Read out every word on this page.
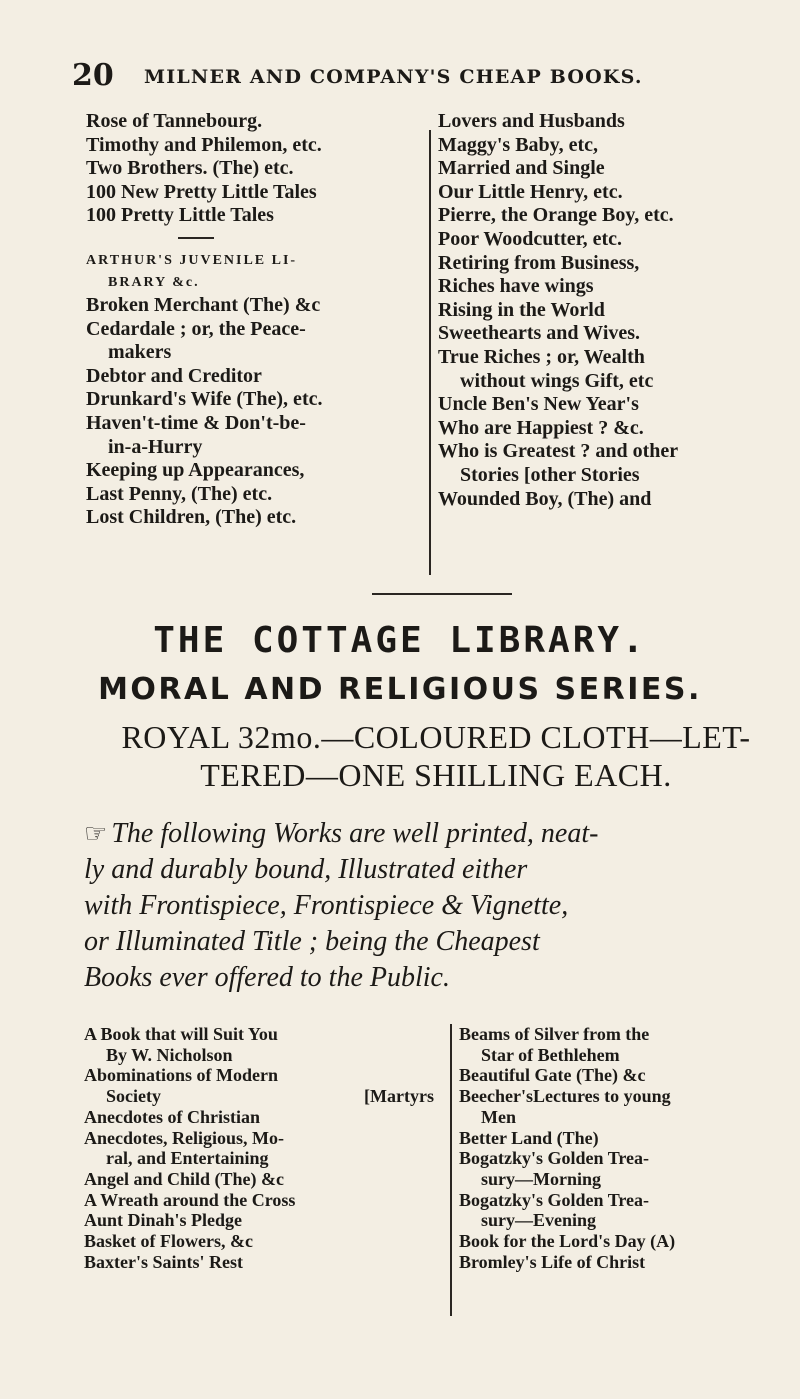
20 MILNER AND COMPANY'S CHEAP BOOKS.
Rose of Tannebourg.
Timothy and Philemon, etc.
Two Brothers. (The) etc.
100 New Pretty Little Tales
100 Pretty Little Tales
ARTHUR'S JUVENILE LI-
BRARY &c.
Broken Merchant (The) &c
Cedardale ; or, the Peace-
makers
Debtor and Creditor
Drunkard's Wife (The), etc.
Haven't-time & Don't-be-
in-a-Hurry
Keeping up Appearances,
Last Penny, (The) etc.
Lost Children, (The) etc.
Lovers and Husbands
Maggy's Baby, etc,
Married and Single
Our Little Henry, etc.
Pierre, the Orange Boy, etc.
Poor Woodcutter, etc.
Retiring from Business,
Riches have wings
Rising in the World
Sweethearts and Wives.
True Riches ; or, Wealth
without wings Gift, etc
Uncle Ben's New Year's
Who are Happiest ? &c.
Who is Greatest ? and other
Stories [other Stories
Wounded Boy, (The) and
THE COTTAGE LIBRARY.
MORAL AND RELIGIOUS SERIES.
ROYAL 32mo.—COLOURED CLOTH—LET-
TERED—ONE SHILLING EACH.
☞ The following Works are well printed, neat-
ly and durably bound, Illustrated either
with Frontispiece, Frontispiece & Vignette,
or Illuminated Title ; being the Cheapest
Books ever offered to the Public.
A Book that will Suit You
By W. Nicholson
Abominations of Modern
Society	[Martyrs
Anecdotes of Christian
Anecdotes, Religious, Mo-
ral, and Entertaining
Angel and Child (The) &c
A Wreath around the Cross
Aunt Dinah's Pledge
Basket of Flowers, &c
Baxter's Saints' Rest
Beams of Silver from the
Star of Bethlehem
Beautiful Gate (The) &c
Beecher'sLectures to young
Men
Better Land (The)
Bogatzky's Golden Trea-
sury—Morning
Bogatzky's Golden Trea-
sury—Evening
Book for the Lord's Day (A)
Bromley's Life of Christ
